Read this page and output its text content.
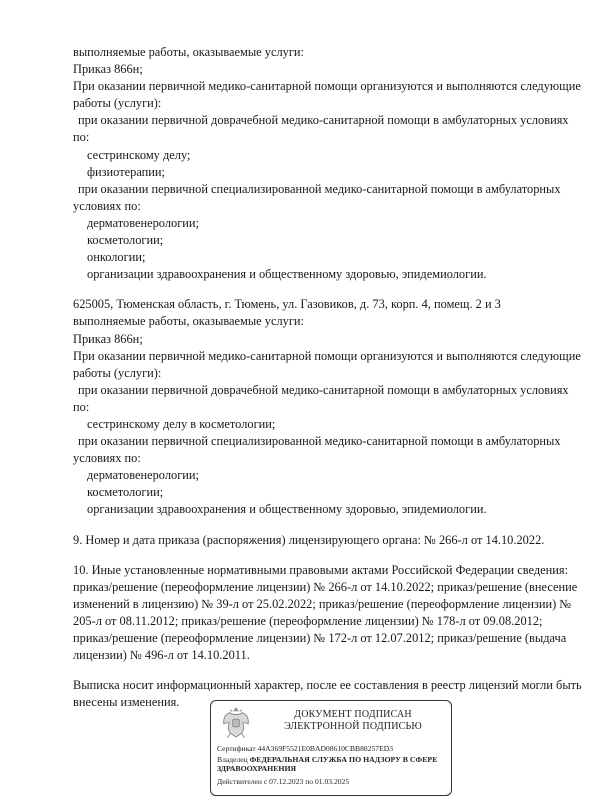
выполняемые работы, оказываемые услуги:
Приказ 866н;
При оказании первичной медико-санитарной помощи организуются и выполняются следующие
работы (услуги):
при оказании первичной доврачебной медико-санитарной помощи в амбулаторных условиях
по:
сестринскому делу;
физиотерапии;
при оказании первичной специализированной медико-санитарной помощи в амбулаторных
условиях по:
дерматовенерологии;
косметологии;
онкологии;
организации здравоохранения и общественному здоровью, эпидемиологии.
625005, Тюменская область, г. Тюмень, ул. Газовиков, д. 73, корп. 4, помещ. 2 и 3
выполняемые работы, оказываемые услуги:
Приказ 866н;
При оказании первичной медико-санитарной помощи организуются и выполняются следующие
работы (услуги):
при оказании первичной доврачебной медико-санитарной помощи в амбулаторных условиях
по:
сестринскому делу в косметологии;
при оказании первичной специализированной медико-санитарной помощи в амбулаторных
условиях по:
дерматовенерологии;
косметологии;
организации здравоохранения и общественному здоровью, эпидемиологии.
9. Номер и дата приказа (распоряжения) лицензирующего органа: № 266-л от 14.10.2022.
10. Иные установленные нормативными правовыми актами Российской Федерации сведения:
приказ/решение (переоформление лицензии) № 266-л от 14.10.2022; приказ/решение (внесение
изменений в лицензию) № 39-л от 25.02.2022; приказ/решение (переоформление лицензии) №
205-л от 08.11.2012; приказ/решение (переоформление лицензии) № 178-л от 09.08.2012;
приказ/решение (переоформление лицензии) № 172-л от 12.07.2012; приказ/решение (выдача
лицензии) № 496-л от 14.10.2011.
Выписка носит информационный характер, после ее составления в реестр лицензий могли быть
внесены изменения.
ДОКУМЕНТ ПОДПИСАН
ЭЛЕКТРОННОЙ ПОДПИСЬЮ
Сертификат 44A369F5521E0BAD08610CBB88257ED3
Владелец ФЕДЕРАЛЬНАЯ СЛУЖБА ПО НАДЗОРУ В СФЕРЕ ЗДРАВООХРАНЕНИЯ
Действителен с 07.12.2023 по 01.03.2025
